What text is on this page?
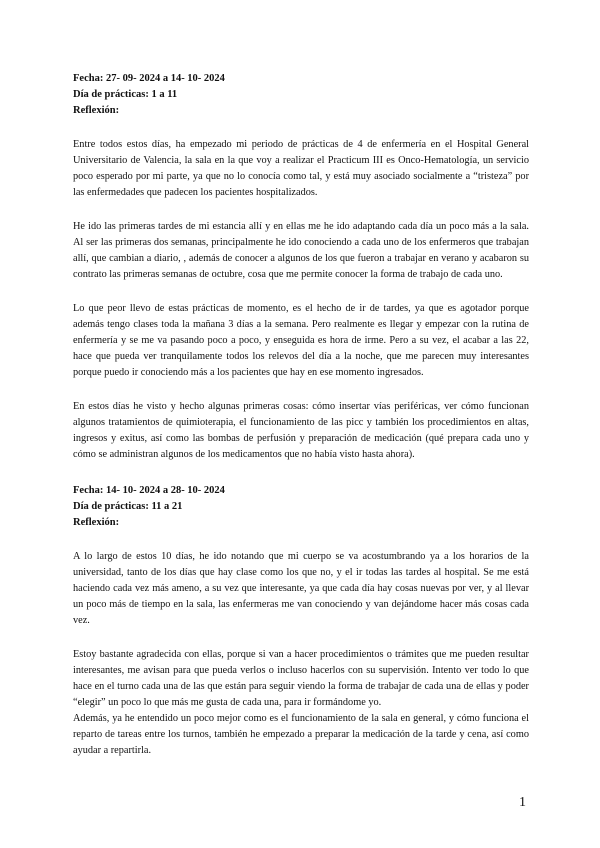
Fecha: 27- 09- 2024 a 14- 10- 2024

Día de prácticas: 1 a 11

Reflexión:

Entre todos estos días, ha empezado mi periodo de prácticas de 4 de enfermería en el Hospital General Universitario de Valencia, la sala en la que voy a realizar el Practicum III es Onco-Hematología, un servicio poco esperado por mi parte, ya que no lo conocía como tal, y está muy asociado socialmente a “tristeza” por las enfermedades que padecen los pacientes hospitalizados.

He ido las primeras tardes de mi estancia allí y en ellas me he ido adaptando cada día un poco más a la sala. Al ser las primeras dos semanas, principalmente he ido conociendo a cada uno de los enfermeros que trabajan allí, que cambian a diario, , además de conocer a algunos de los que fueron a trabajar en verano y acabaron su contrato las primeras semanas de octubre, cosa que me permite conocer la forma de trabajo de cada uno.

Lo que peor llevo de estas prácticas de momento, es el hecho de ir de tardes, ya que es agotador porque además tengo clases toda la mañana 3 días a la semana. Pero realmente es llegar y empezar con la rutina de enfermería y se me va pasando poco a poco, y enseguida es hora de irme. Pero a su vez, el acabar a las 22, hace que pueda ver tranquilamente todos los relevos del día a la noche, que me parecen muy interesantes porque puedo ir conociendo más a los pacientes que hay en ese momento ingresados.

En estos días he visto y hecho algunas primeras cosas: cómo insertar vías periféricas, ver cómo funcionan algunos tratamientos de quimioterapia, el funcionamiento de las picc y también los procedimientos en altas, ingresos y exitus, así como las bombas de perfusión y preparación de medicación (qué prepara cada uno y cómo se administran algunos de los medicamentos que no había visto hasta ahora).

Fecha: 14- 10- 2024 a 28- 10- 2024

Día de prácticas: 11 a 21

Reflexión:

A lo largo de estos 10 días, he ido notando que mi cuerpo se va acostumbrando ya a los horarios de la universidad, tanto de los días que hay clase como los que no, y el ir todas las tardes al hospital. Se me está haciendo cada vez más ameno, a su vez que interesante, ya que cada día hay cosas nuevas por ver, y al llevar un poco más de tiempo en la sala, las enfermeras me van conociendo y van dejándome hacer más cosas cada vez.

Estoy bastante agradecida con ellas, porque si van a hacer procedimientos o trámites que me pueden resultar interesantes, me avisan para que pueda verlos o incluso hacerlos con su supervisión. Intento ver todo lo que hace en el turno cada una de las que están para seguir viendo la forma de trabajar de cada una de ellas y poder “elegir” un poco lo que más me gusta de cada una, para ir formándome yo.

Además, ya he entendido un poco mejor como es el funcionamiento de la sala en general, y cómo funciona el reparto de tareas entre los turnos, también he empezado a preparar la medicación de la tarde y cena, así como ayudar a repartirla.

1
